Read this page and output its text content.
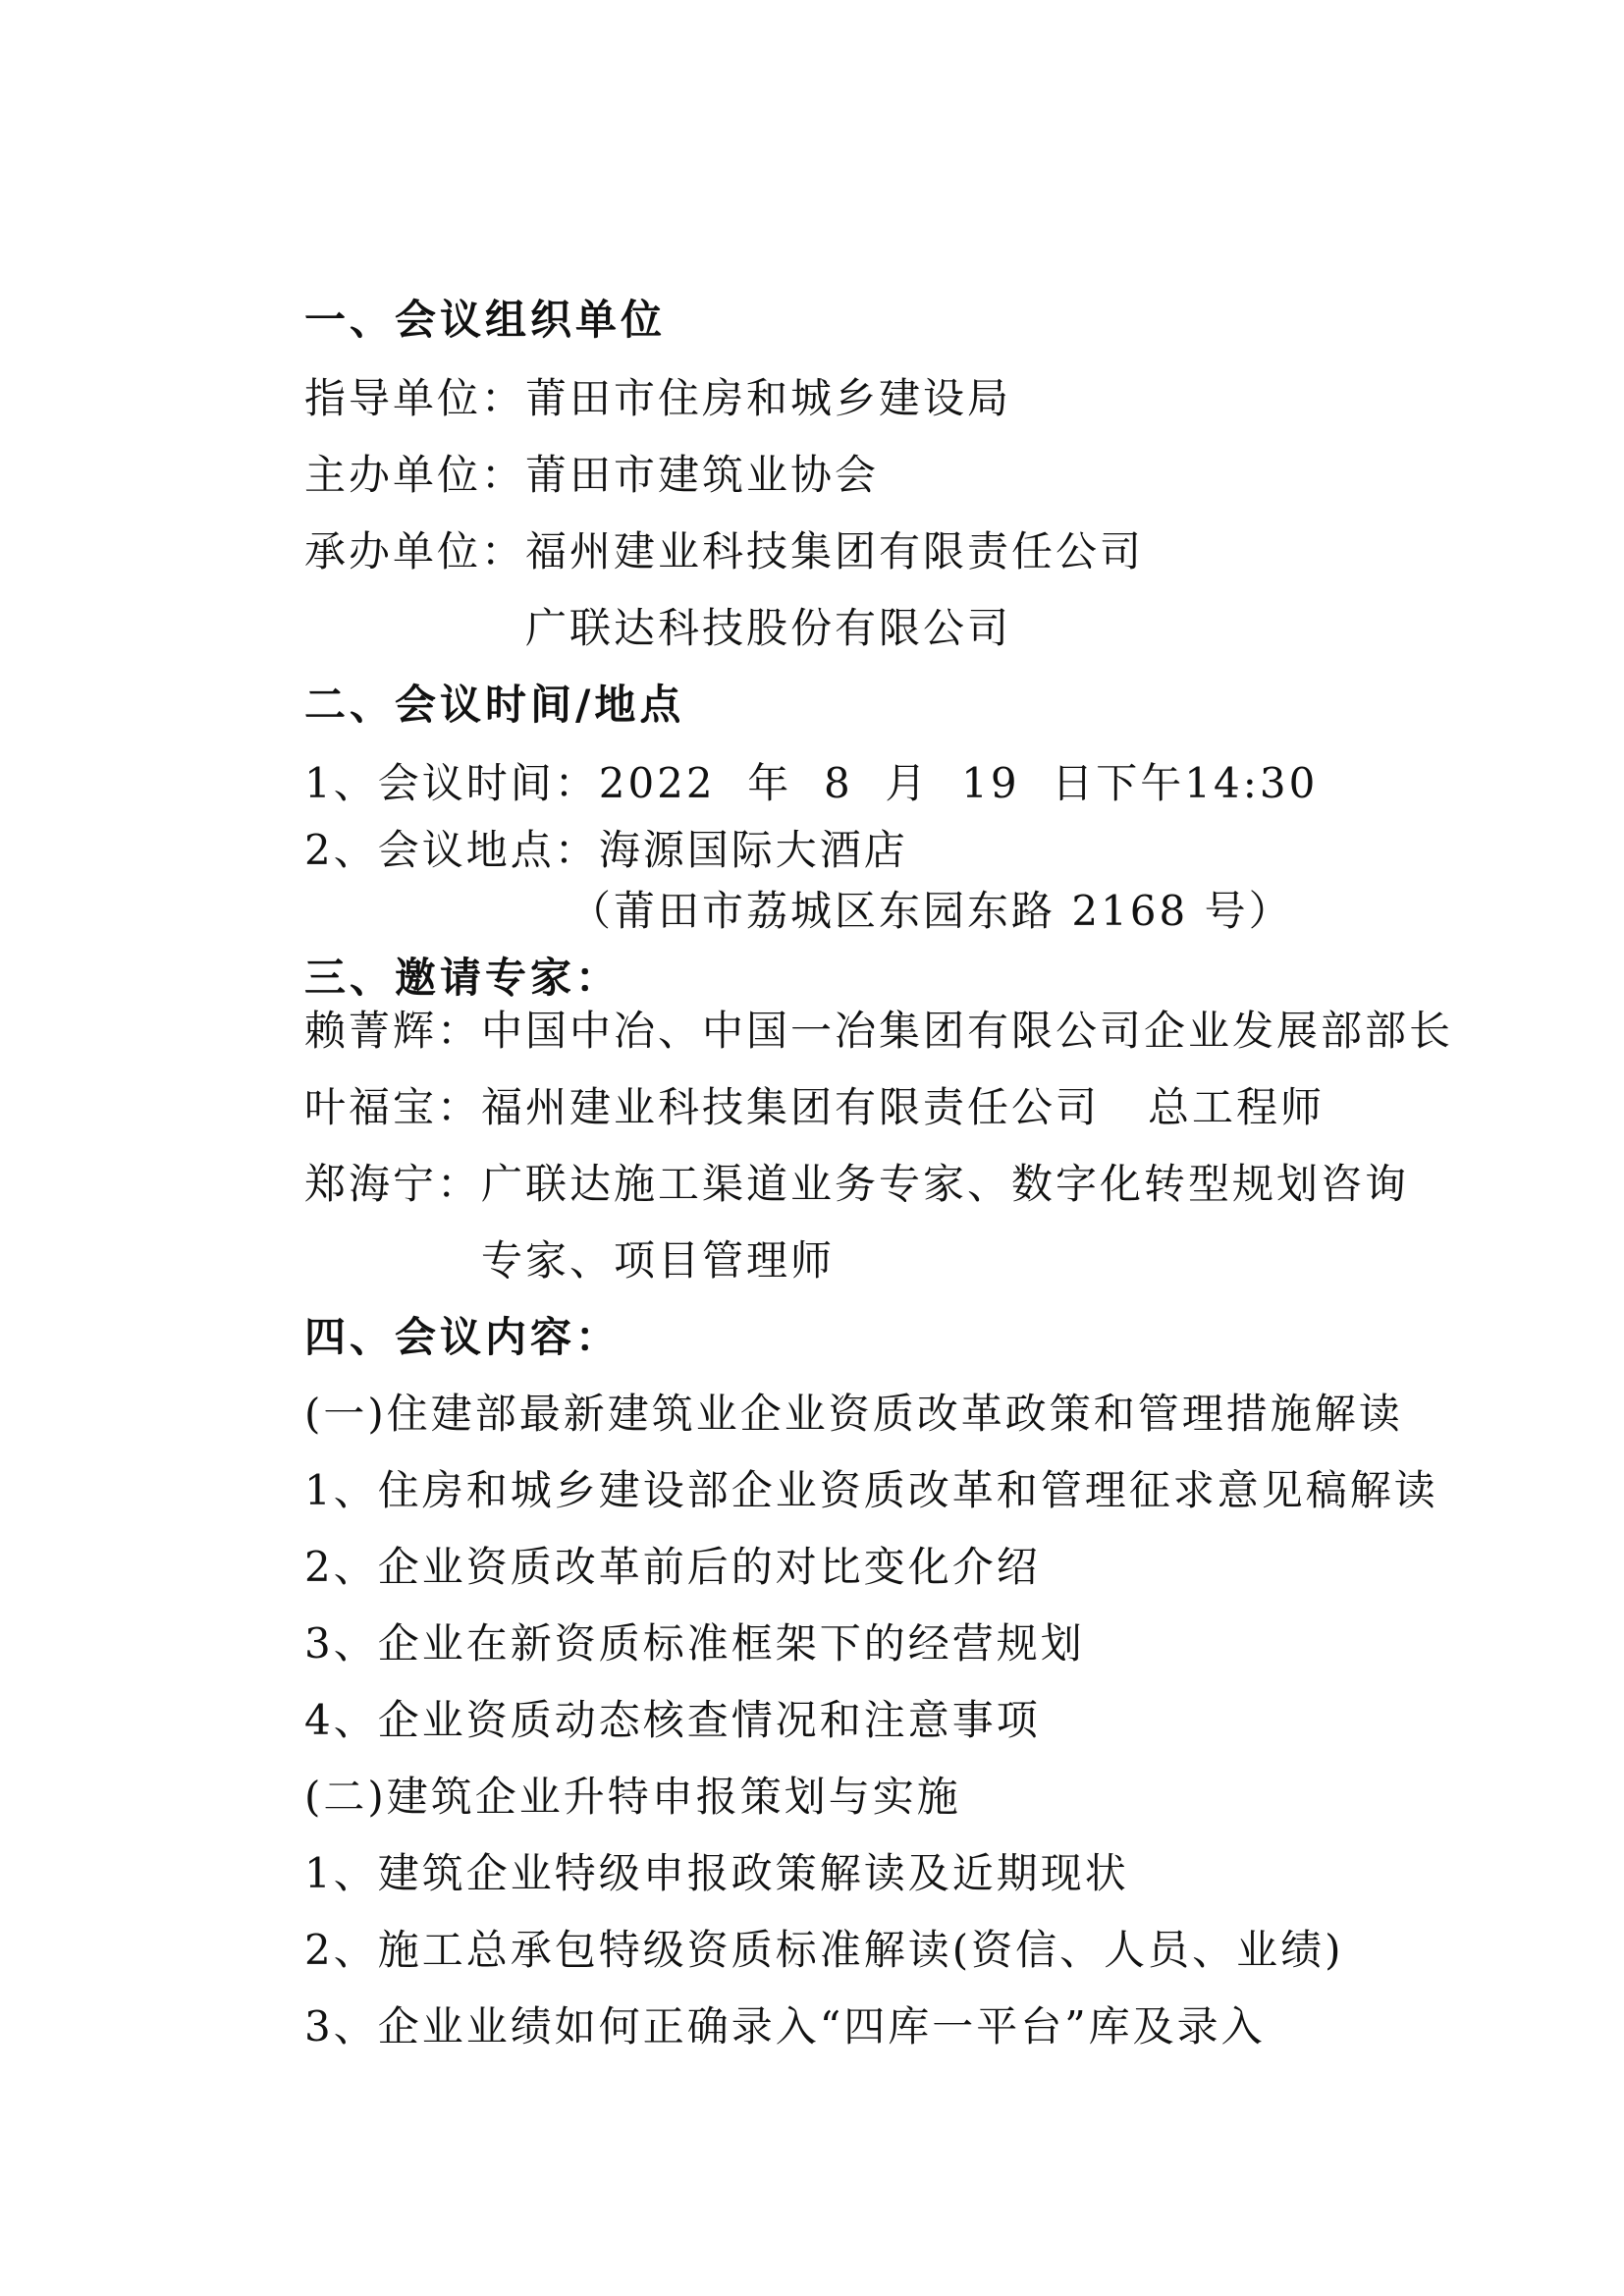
一、会议组织单位
指导单位：莆田市住房和城乡建设局
主办单位：莆田市建筑业协会
承办单位：福州建业科技集团有限责任公司
广联达科技股份有限公司
二、会议时间/地点
1、会议时间：2022  年  8  月  19  日下午14:30
2、会议地点：海源国际大酒店
（莆田市荔城区东园东路 2168 号）
三、邀请专家：
赖菁辉：中国中冶、中国一冶集团有限公司企业发展部部长
叶福宝：福州建业科技集团有限责任公司   总工程师
郑海宁：广联达施工渠道业务专家、数字化转型规划咨询
专家、项目管理师
四、会议内容：
(一)住建部最新建筑业企业资质改革政策和管理措施解读
1、住房和城乡建设部企业资质改革和管理征求意见稿解读
2、企业资质改革前后的对比变化介绍
3、企业在新资质标准框架下的经营规划
4、企业资质动态核查情况和注意事项
(二)建筑企业升特申报策划与实施
1、建筑企业特级申报政策解读及近期现状
2、施工总承包特级资质标准解读(资信、人员、业绩)
3、企业业绩如何正确录入“四库一平台”库及录入
